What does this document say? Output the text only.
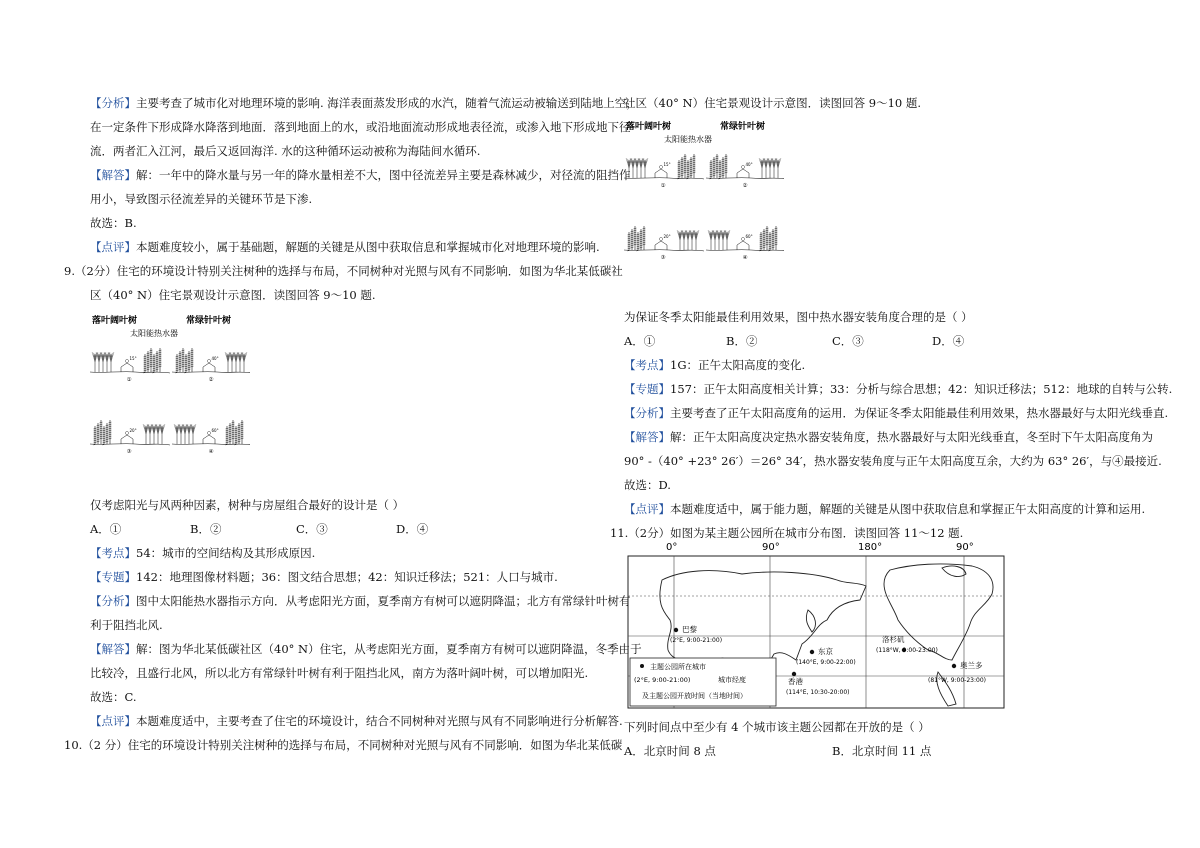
【分析】主要考查了城市化对地理环境的影响. 海洋表面蒸发形成的水汽，随着气流运动被输送到陆地上空，
在一定条件下形成降水降落到地面．落到地面上的水，或沿地面流动形成地表径流，或渗入地下形成地下径
流．两者汇入江河，最后又返回海洋. 水的这种循环运动被称为海陆间水循环.
【解答】解：一年中的降水量与另一年的降水量相差不大，图中径流差异主要是森林减少，对径流的阻挡作
用小，导致图示径流差异的关键环节是下渗.
故选：B.
【点评】本题难度较小，属于基础题，解题的关键是从图中获取信息和掌握城市化对地理环境的影响.
9.（2分）住宅的环境设计特别关注树种的选择与布局，不同树种对光照与风有不同影响．如图为华北某低碳社
区（40° N）住宅景观设计示意图．读图回答 9～10 题.
落叶阔叶树	常绿针叶树
太阳能热水器
15°
①
40°
②
20°
③
60°
④
仅考虑阳光与风两种因素，树种与房屋组合最好的设计是（ ）
A．①	B．②	C．③	D．④
【考点】54：城市的空间结构及其形成原因.
【专题】142：地理图像材料题；36：图文结合思想；42：知识迁移法；521：人口与城市.
【分析】图中太阳能热水器指示方向．从考虑阳光方面，夏季南方有树可以遮阴降温；北方有常绿针叶树有
利于阻挡北风.
【解答】解：图为华北某低碳社区（40° N）住宅，从考虑阳光方面，夏季南方有树可以遮阴降温，冬季由于
比较冷，且盛行北风，所以北方有常绿针叶树有利于阻挡北风，南方为落叶阔叶树，可以增加阳光.
故选：C.
【点评】本题难度适中，主要考查了住宅的环境设计，结合不同树种对光照与风有不同影响进行分析解答.
10.（2 分）住宅的环境设计特别关注树种的选择与布局，不同树种对光照与风有不同影响．如图为华北某低碳
社区（40° N）住宅景观设计示意图．读图回答 9～10 题.
落叶阔叶树	常绿针叶树
太阳能热水器
15°
①
40°
②
20°
③
60°
④
为保证冬季太阳能最佳利用效果，图中热水器安装角度合理的是（ ）
A．①	B．②	C．③	D．④
【考点】1G：正午太阳高度的变化.
【专题】157：正午太阳高度相关计算；33：分析与综合思想；42：知识迁移法；512：地球的自转与公转.
【分析】主要考查了正午太阳高度角的运用．为保证冬季太阳能最佳利用效果，热水器最好与太阳光线垂直.
【解答】解：正午太阳高度决定热水器安装角度，热水器最好与太阳光线垂直，冬至时下午太阳高度角为
90° -（40° +23° 26′）＝26° 34′，热水器安装角度与正午太阳高度互余，大约为 63° 26′，与④最接近.
故选：D.
【点评】本题难度适中，属于能力题，解题的关键是从图中获取信息和掌握正午太阳高度的计算和运用.
11.（2分）如图为某主题公园所在城市分布图．读图回答 11～12 题.
0°	90°	180°	90°
巴黎
(2°E, 9:00-21:00)
东京
(140°E, 9:00-22:00)
香港
(114°E, 10:30-20:00)
洛杉矶
(118°W, 9:00-23:00)
奥兰多
(81°W, 9:00-23:00)
主题公园所在城市
(2°E, 9:00-21:00)	城市经度
及主题公园开放时间（当地时间）
下列时间点中至少有 4 个城市该主题公园都在开放的是（ ）
A．北京时间 8 点	B．北京时间 11 点
